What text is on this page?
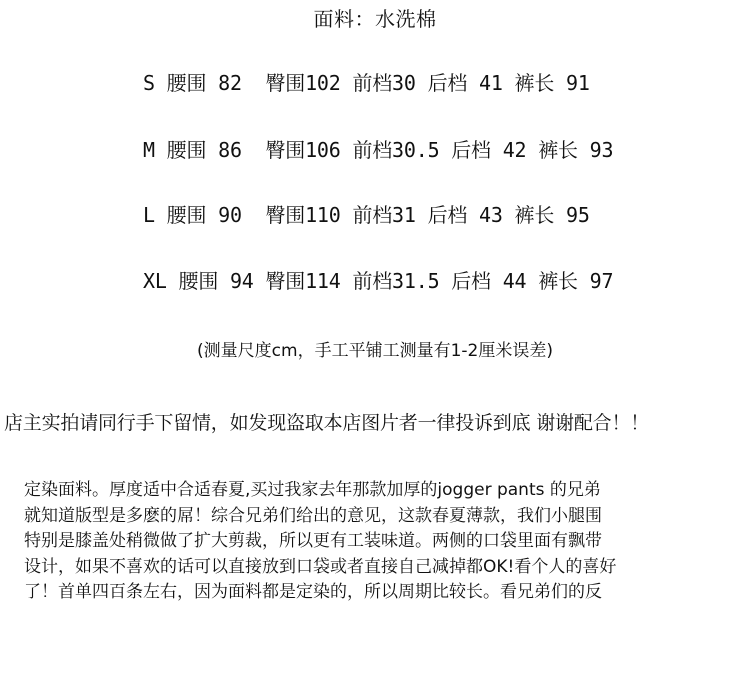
面料：水洗棉
S 腰围 82  臀围102 前档30 后档 41 裤长 91
M 腰围 86  臀围106 前档30.5 后档 42 裤长 93
L 腰围 90  臀围110 前档31 后档 43 裤长 95
XL 腰围 94 臀围114 前档31.5 后档 44 裤长 97
(测量尺度cm，手工平铺工测量有1-2厘米误差)
店主实拍请同行手下留情，如发现盗取本店图片者一律投诉到底 谢谢配合！！
定染面料。厚度适中合适春夏,买过我家去年那款加厚的jogger pants 的兄弟
就知道版型是多麽的屌！综合兄弟们给出的意见，这款春夏薄款，我们小腿围
特别是膝盖处稍微做了扩大剪裁，所以更有工装味道。两侧的口袋里面有飘带
设计，如果不喜欢的话可以直接放到口袋或者直接自己减掉都OK!看个人的喜好
了！首单四百条左右，因为面料都是定染的，所以周期比较长。看兄弟们的反
